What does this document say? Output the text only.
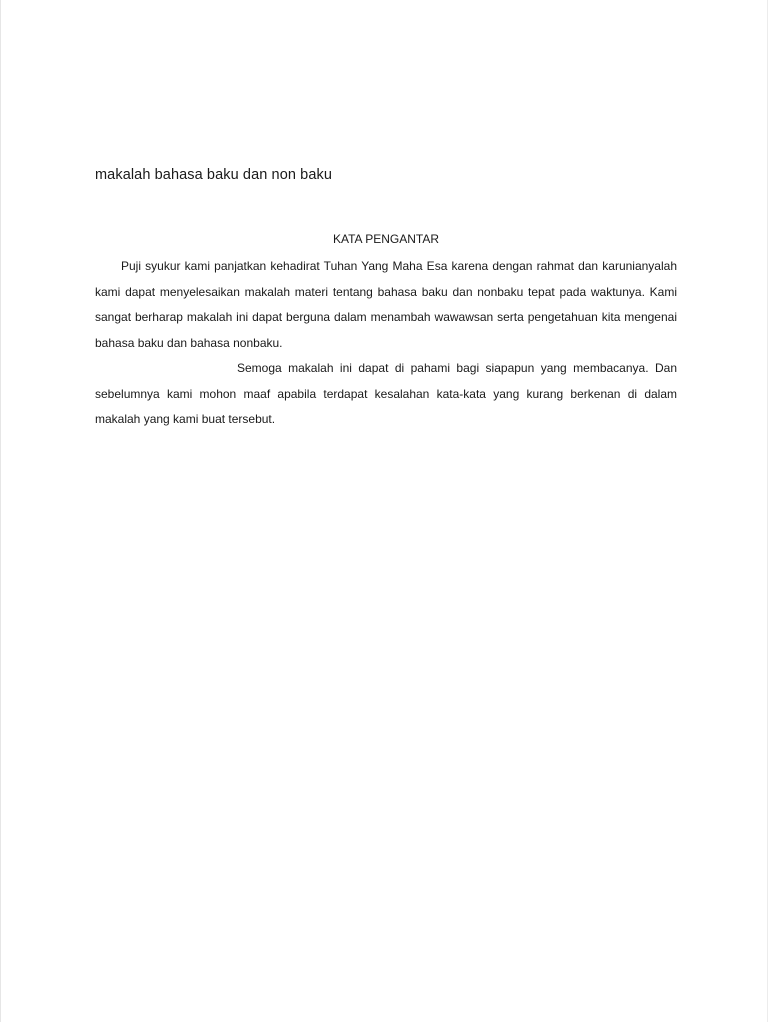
makalah bahasa baku dan non baku
KATA PENGANTAR

Puji syukur kami panjatkan kehadirat Tuhan Yang Maha Esa karena dengan rahmat dan karunianyalah kami dapat menyelesaikan makalah materi tentang bahasa baku dan nonbaku tepat pada waktunya. Kami sangat berharap makalah ini dapat berguna dalam menambah wawawsan serta pengetahuan kita mengenai bahasa baku dan bahasa nonbaku.

Semoga makalah ini dapat di pahami bagi siapapun yang membacanya. Dan sebelumnya kami mohon maaf apabila terdapat kesalahan kata-kata yang kurang berkenan di dalam makalah yang kami buat tersebut.
